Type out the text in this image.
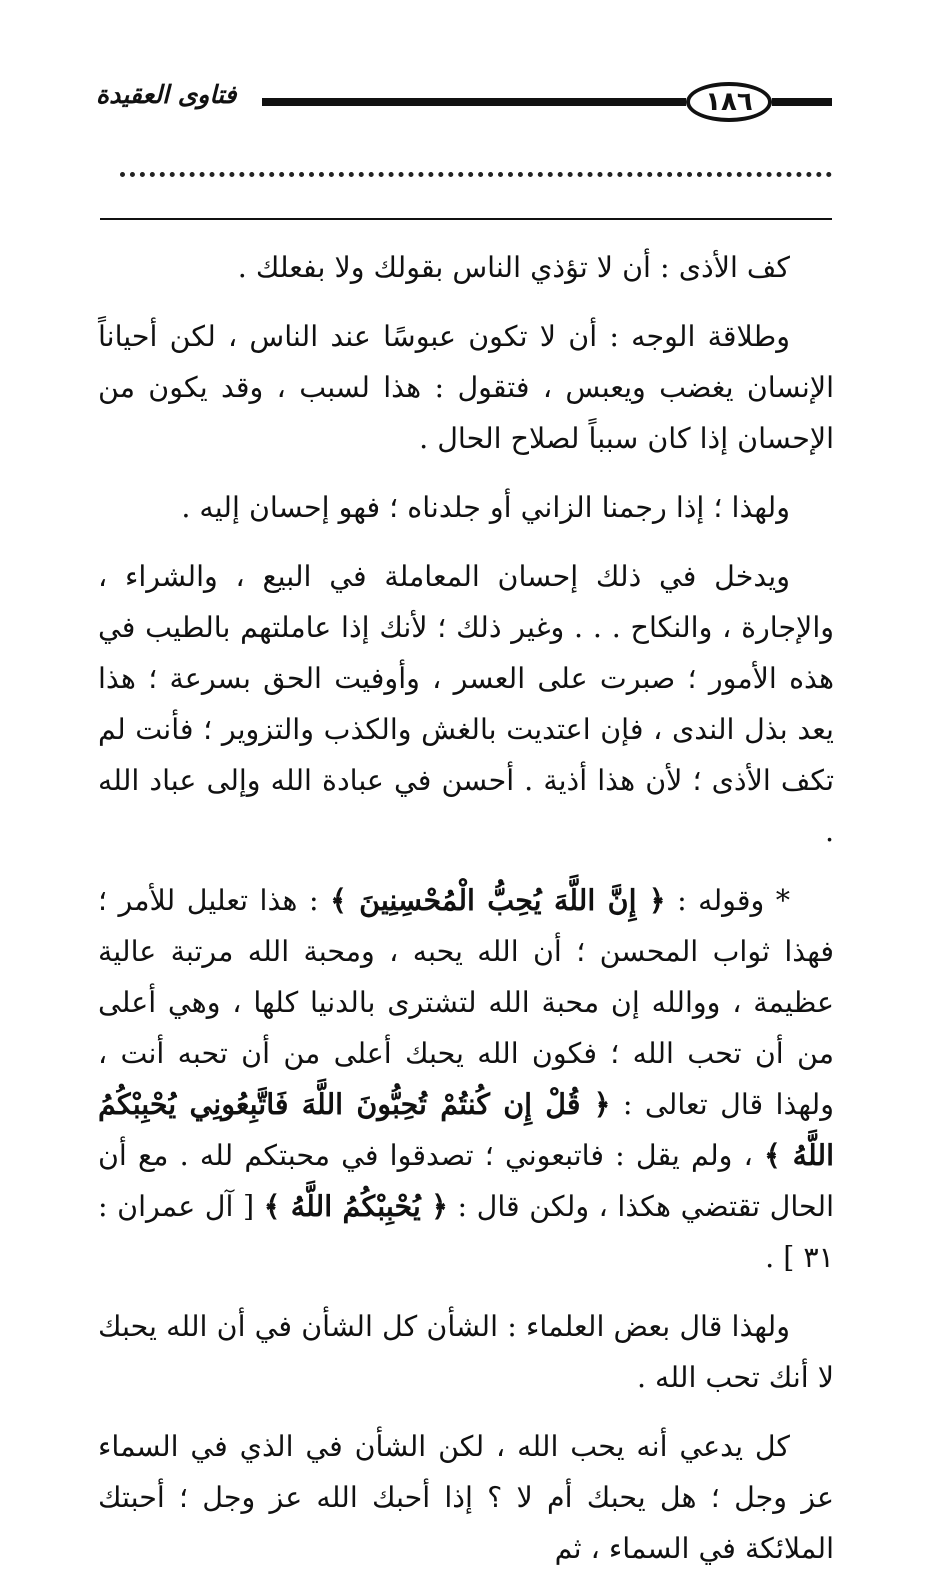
فتاوى العقيدة	١٨٦

كف الأذى : أن لا تؤذي الناس بقولك ولا بفعلك .

وطلاقة الوجه : أن لا تكون عبوسًا عند الناس ، لكن أحياناً الإنسان يغضب ويعبس ، فتقول : هذا لسبب ، وقد يكون من الإحسان إذا كان سبباً لصلاح الحال .

ولهذا ؛ إذا رجمنا الزاني أو جلدناه ؛ فهو إحسان إليه .

ويدخل في ذلك إحسان المعاملة في البيع ، والشراء ، والإجارة ، والنكاح . . . وغير ذلك ؛ لأنك إذا عاملتهم بالطيب في هذه الأمور ؛ صبرت على العسر ، وأوفيت الحق بسرعة ؛ هذا يعد بذل الندى ، فإن اعتديت بالغش والكذب والتزوير ؛ فأنت لم تكف الأذى ؛ لأن هذا أذية . أحسن في عبادة الله وإلى عباد الله .

* وقوله : ﴿ إِنَّ اللَّهَ يُحِبُّ الْمُحْسِنِينَ ﴾ : هذا تعليل للأمر ؛ فهذا ثواب المحسن ؛ أن الله يحبه ، ومحبة الله مرتبة عالية عظيمة ، ووالله إن محبة الله لتشترى بالدنيا كلها ، وهي أعلى من أن تحب الله ؛ فكون الله يحبك أعلى من أن تحبه أنت ، ولهذا قال تعالى : ﴿ قُلْ إِن كُنتُمْ تُحِبُّونَ اللَّهَ فَاتَّبِعُونِي يُحْبِبْكُمُ اللَّهُ ﴾ ، ولم يقل : فاتبعوني ؛ تصدقوا في محبتكم لله . مع أن الحال تقتضي هكذا ، ولكن قال : ﴿ يُحْبِبْكُمُ اللَّهُ ﴾ [ آل عمران : ٣١ ] .

ولهذا قال بعض العلماء : الشأن كل الشأن في أن الله يحبك لا أنك تحب الله .

كل يدعي أنه يحب الله ، لكن الشأن في الذي في السماء عز وجل ؛ هل يحبك أم لا ؟ إذا أحبك الله عز وجل ؛ أحبتك الملائكة في السماء ، ثم
